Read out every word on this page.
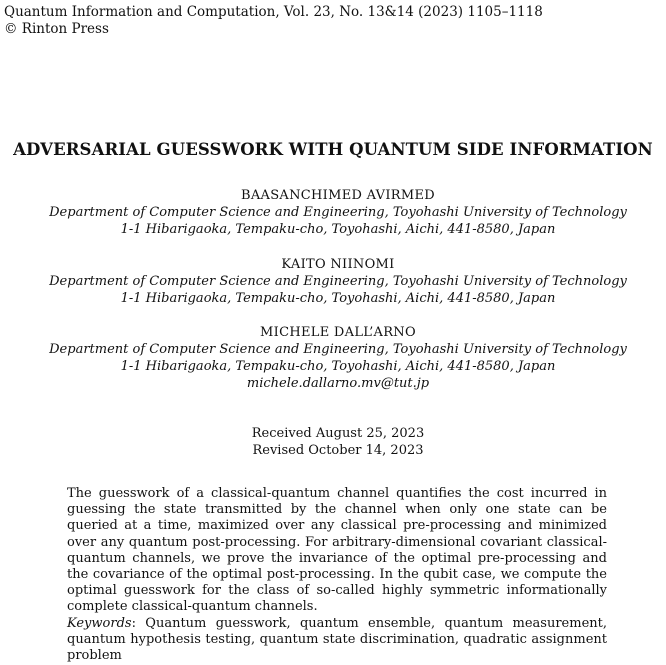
Quantum Information and Computation, Vol. 23, No. 13&14 (2023) 1105–1118
© Rinton Press
ADVERSARIAL GUESSWORK WITH QUANTUM SIDE INFORMATION
BAASANCHIMED AVIRMED
Department of Computer Science and Engineering, Toyohashi University of Technology
1-1 Hibarigaoka, Tempaku-cho, Toyohashi, Aichi, 441-8580, Japan
KAITO NIINOMI
Department of Computer Science and Engineering, Toyohashi University of Technology
1-1 Hibarigaoka, Tempaku-cho, Toyohashi, Aichi, 441-8580, Japan
MICHELE DALL’ARNO
Department of Computer Science and Engineering, Toyohashi University of Technology
1-1 Hibarigaoka, Tempaku-cho, Toyohashi, Aichi, 441-8580, Japan
michele.dallarno.mv@tut.jp
Received August 25, 2023
Revised October 14, 2023
The guesswork of a classical-quantum channel quantifies the cost incurred in guessing the state transmitted by the channel when only one state can be queried at a time, maximized over any classical pre-processing and minimized over any quantum post-processing. For arbitrary-dimensional covariant classical-quantum channels, we prove the invariance of the optimal pre-processing and the covariance of the optimal post-processing. In the qubit case, we compute the optimal guesswork for the class of so-called highly symmetric informationally complete classical-quantum channels.
Keywords: Quantum guesswork, quantum ensemble, quantum measurement, quantum hypothesis testing, quantum state discrimination, quadratic assignment problem
